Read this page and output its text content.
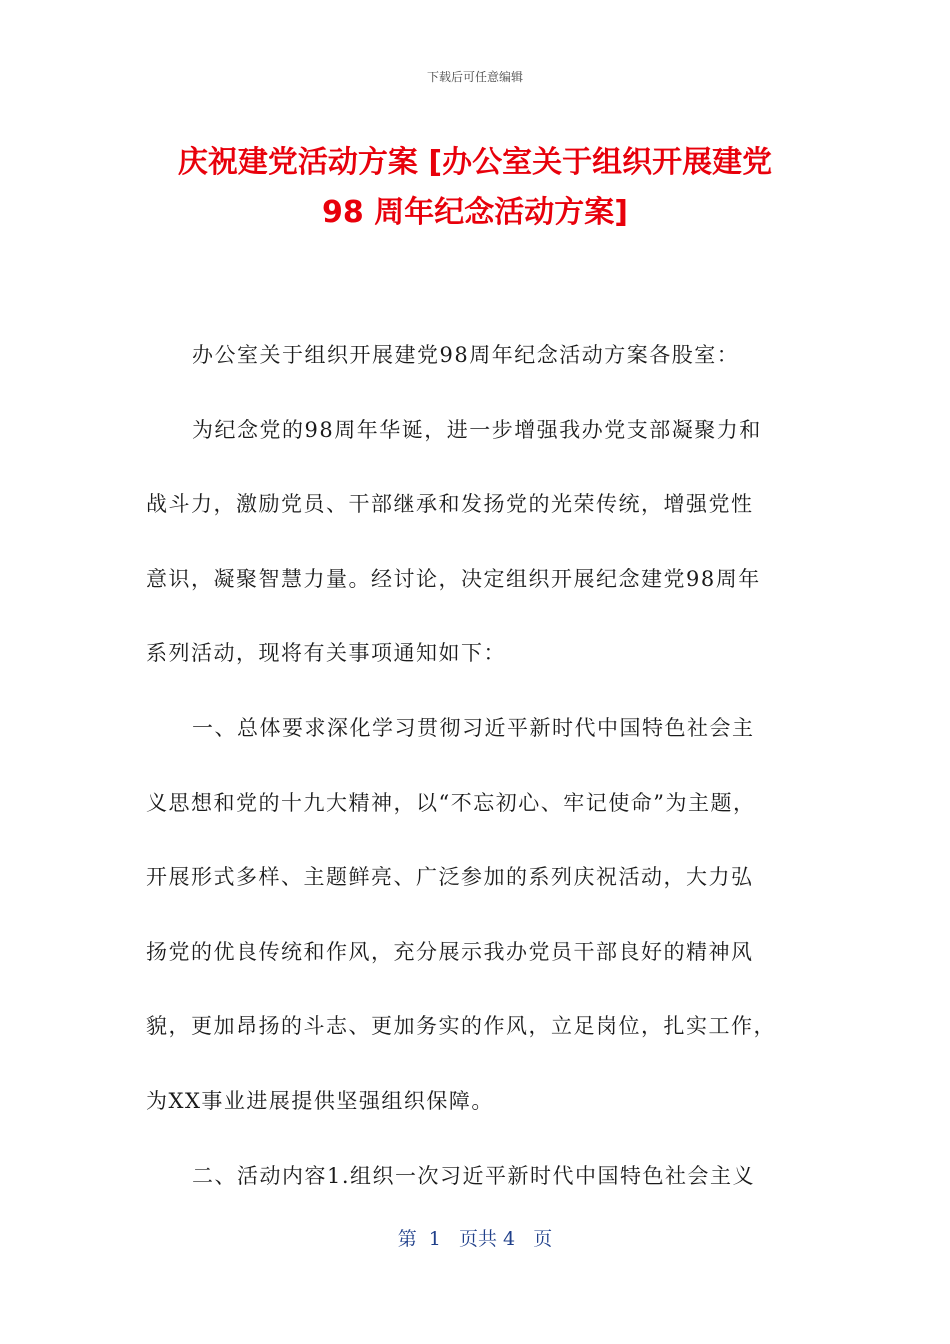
下载后可任意编辑
庆祝建党活动方案 [办公室关于组织开展建党
98 周年纪念活动方案]
办公室关于组织开展建党98周年纪念活动方案各股室：
为纪念党的98周年华诞，进一步增强我办党支部凝聚力和
战斗力，激励党员、干部继承和发扬党的光荣传统，增强党性
意识，凝聚智慧力量。经讨论，决定组织开展纪念建党98周年
系列活动，现将有关事项通知如下：
一、总体要求深化学习贯彻习近平新时代中国特色社会主
义思想和党的十九大精神，以“不忘初心、牢记使命”为主题，
开展形式多样、主题鲜亮、广泛参加的系列庆祝活动，大力弘
扬党的优良传统和作风，充分展示我办党员干部良好的精神风
貌，更加昂扬的斗志、更加务实的作风，立足岗位，扎实工作，
为XX事业进展提供坚强组织保障。
二、活动内容1.组织一次习近平新时代中国特色社会主义
第  1   页共 4   页
